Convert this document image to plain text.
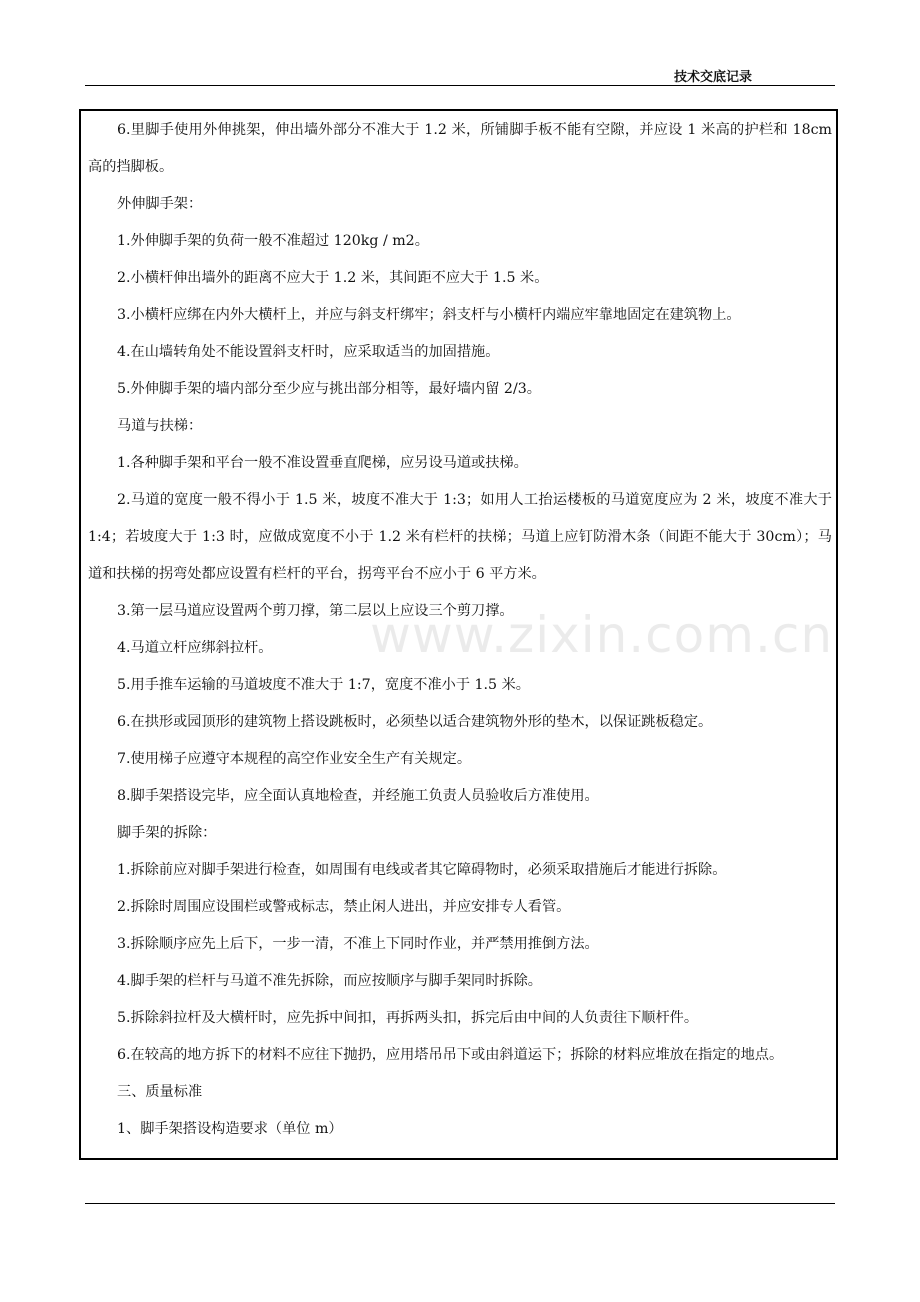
技术交底记录
www.zixin.com.cn

6.里脚手使用外伸挑架，伸出墙外部分不准大于 1.2 米，所铺脚手板不能有空隙，并应设 1 米高的护栏和 18cm 高的挡脚板。

外伸脚手架：

1.外伸脚手架的负荷一般不准超过 120kg / m2。

2.小横杆伸出墙外的距离不应大于 1.2 米，其间距不应大于 1.5 米。

3.小横杆应绑在内外大横杆上，并应与斜支杆绑牢；斜支杆与小横杆内端应牢靠地固定在建筑物上。

4.在山墙转角处不能设置斜支杆时，应采取适当的加固措施。

5.外伸脚手架的墙内部分至少应与挑出部分相等，最好墙内留 2/3。

马道与扶梯：

1.各种脚手架和平台一般不准设置垂直爬梯，应另设马道或扶梯。

2.马道的宽度一般不得小于 1.5 米，坡度不准大于 1:3；如用人工抬运楼板的马道宽度应为 2 米，坡度不准大于 1:4；若坡度大于 1:3 时，应做成宽度不小于 1.2 米有栏杆的扶梯；马道上应钉防滑木条（间距不能大于 30cm）；马道和扶梯的拐弯处都应设置有栏杆的平台，拐弯平台不应小于 6 平方米。

3.第一层马道应设置两个剪刀撑，第二层以上应设三个剪刀撑。

4.马道立杆应绑斜拉杆。

5.用手推车运输的马道坡度不准大于 1:7，宽度不准小于 1.5 米。

6.在拱形或园顶形的建筑物上搭设跳板时，必须垫以适合建筑物外形的垫木，以保证跳板稳定。

7.使用梯子应遵守本规程的高空作业安全生产有关规定。

8.脚手架搭设完毕，应全面认真地检查，并经施工负责人员验收后方准使用。

脚手架的拆除：

1.拆除前应对脚手架进行检查，如周围有电线或者其它障碍物时，必须采取措施后才能进行拆除。

2.拆除时周围应设围栏或警戒标志，禁止闲人进出，并应安排专人看管。

3.拆除顺序应先上后下，一步一清，不准上下同时作业，并严禁用推倒方法。

4.脚手架的栏杆与马道不准先拆除，而应按顺序与脚手架同时拆除。

5.拆除斜拉杆及大横杆时，应先拆中间扣，再拆两头扣，拆完后由中间的人负责往下顺杆件。

6.在较高的地方拆下的材料不应往下抛扔，应用塔吊吊下或由斜道运下；拆除的材料应堆放在指定的地点。

三、质量标准

1、脚手架搭设构造要求（单位 m）
